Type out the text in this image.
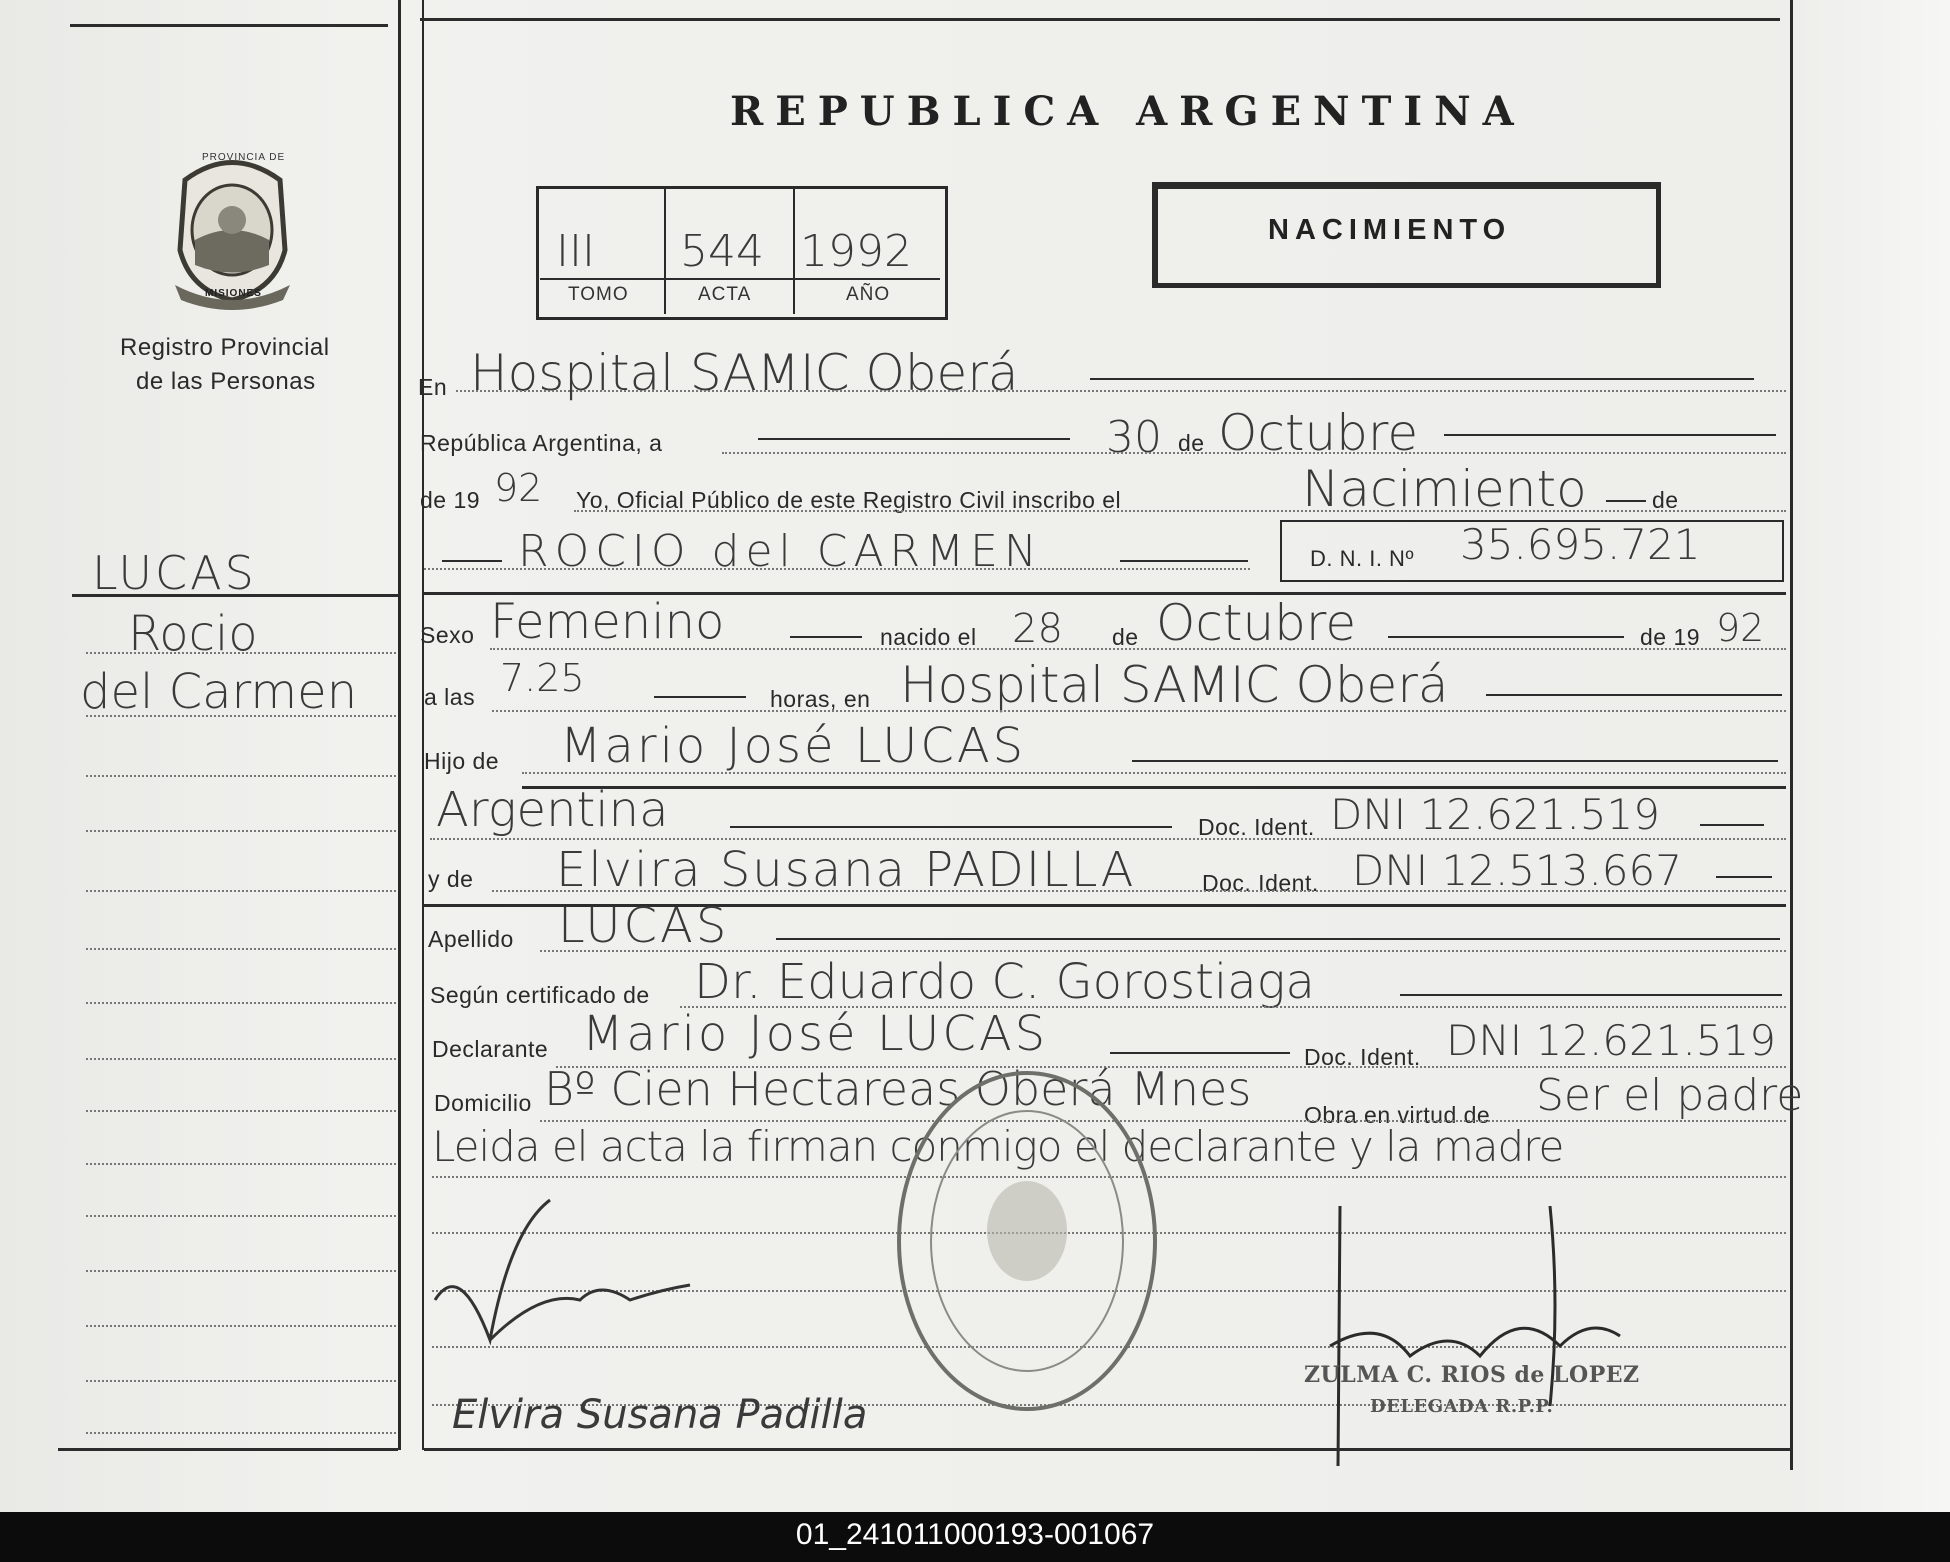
PROVINCIA DE
MISIONES
Registro Provincial
de las Personas
REPUBLICA ARGENTINA
III 544 1992
TOMO	ACTA	AÑO
NACIMIENTO
LUCAS
Rocio
del Carmen
En Hospital SAMIC Oberá
República Argentina, a	30 de Octubre
de 19 92 Yo, Oficial Público de este Registro Civil inscribo el	Nacimiento	de
ROCIO del CARMEN	D. N. I. Nº 35.695.721
Sexo Femenino	nacido el 28 de Octubre	de 19 92
a las 7.25	horas, en Hospital SAMIC Oberá
Hijo de Mario José LUCAS
Argentina	Doc. Ident. DNI 12.621.519
y de Elvira Susana PADILLA	Doc. Ident. DNI 12.513.667
Apellido LUCAS
Según certificado de Dr. Eduardo C. Gorostiaga
Declarante Mario José LUCAS	Doc. Ident. DNI 12.621.519
Domicilio Bº Cien Hectareas Oberá Mnes Obra en virtud de Ser el padre
Leida el acta la firman conmigo el declarante y la madre
Elvira Susana Padilla
ZULMA C. RIOS de LOPEZ
DELEGADA R.P.P.
01_241011000193-001067
